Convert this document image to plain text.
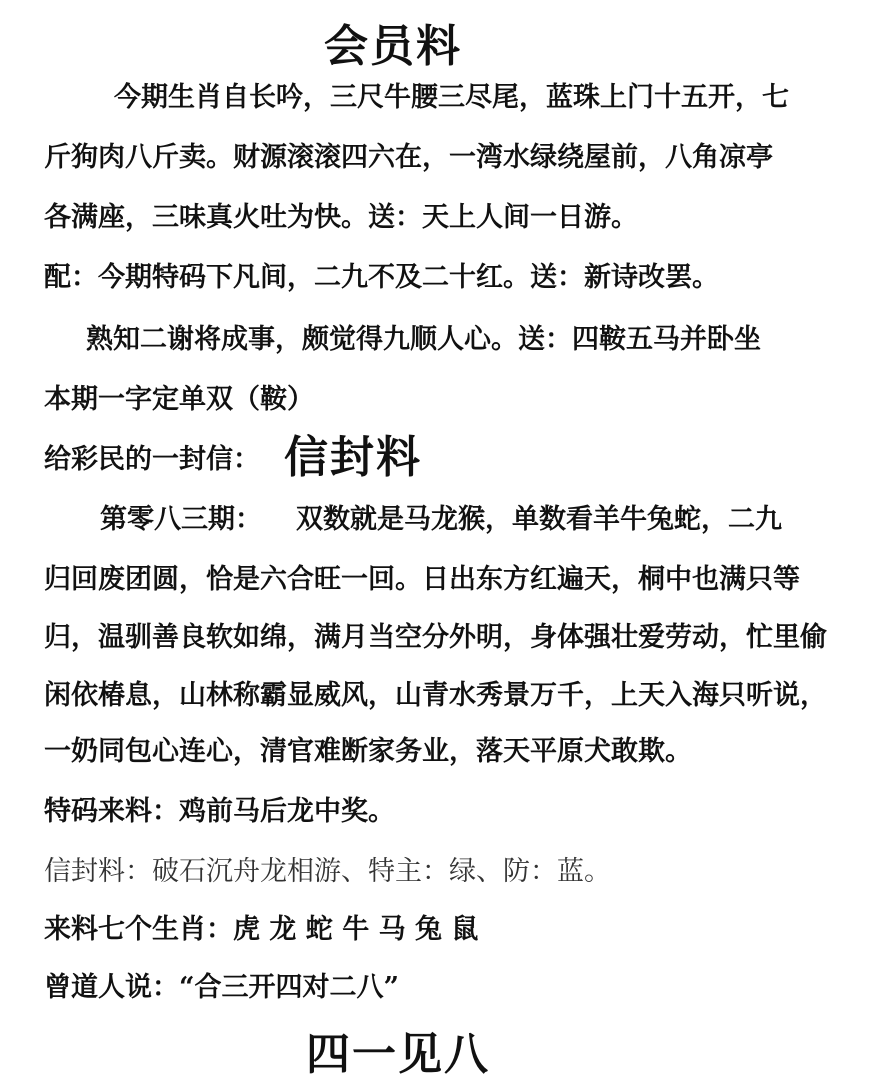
会员料
今期生肖自长吟，三尺牛腰三尽尾，蓝珠上门十五开，七
斤狗肉八斤卖。财源滚滚四六在，一湾水绿绕屋前，八角凉亭
各满座，三味真火吐为快。送：天上人间一日游。
配：今期特码下凡间，二九不及二十红。送：新诗改罢。
熟知二谢将成事，颇觉得九顺人心。送：四鞍五马并卧坐
本期一字定单双（鞍）
给彩民的一封信： 信封料
第零八三期： 双数就是马龙猴，单数看羊牛兔蛇，二九
归回废团圆，恰是六合旺一回。日出东方红遍天，桐中也满只等
归，温驯善良软如绵，满月当空分外明，身体强壮爱劳动，忙里偷
闲依椿息，山林称霸显威风，山青水秀景万千，上天入海只听说，
一奶同包心连心，清官难断家务业，落天平原犬敢欺。
特码来料：鸡前马后龙中奖。
信封料：破石沉舟龙相游、特主：绿、防：蓝。
来料七个生肖：虎 龙 蛇 牛 马 兔 鼠
曾道人说：“合三开四对二八”
四一见八
